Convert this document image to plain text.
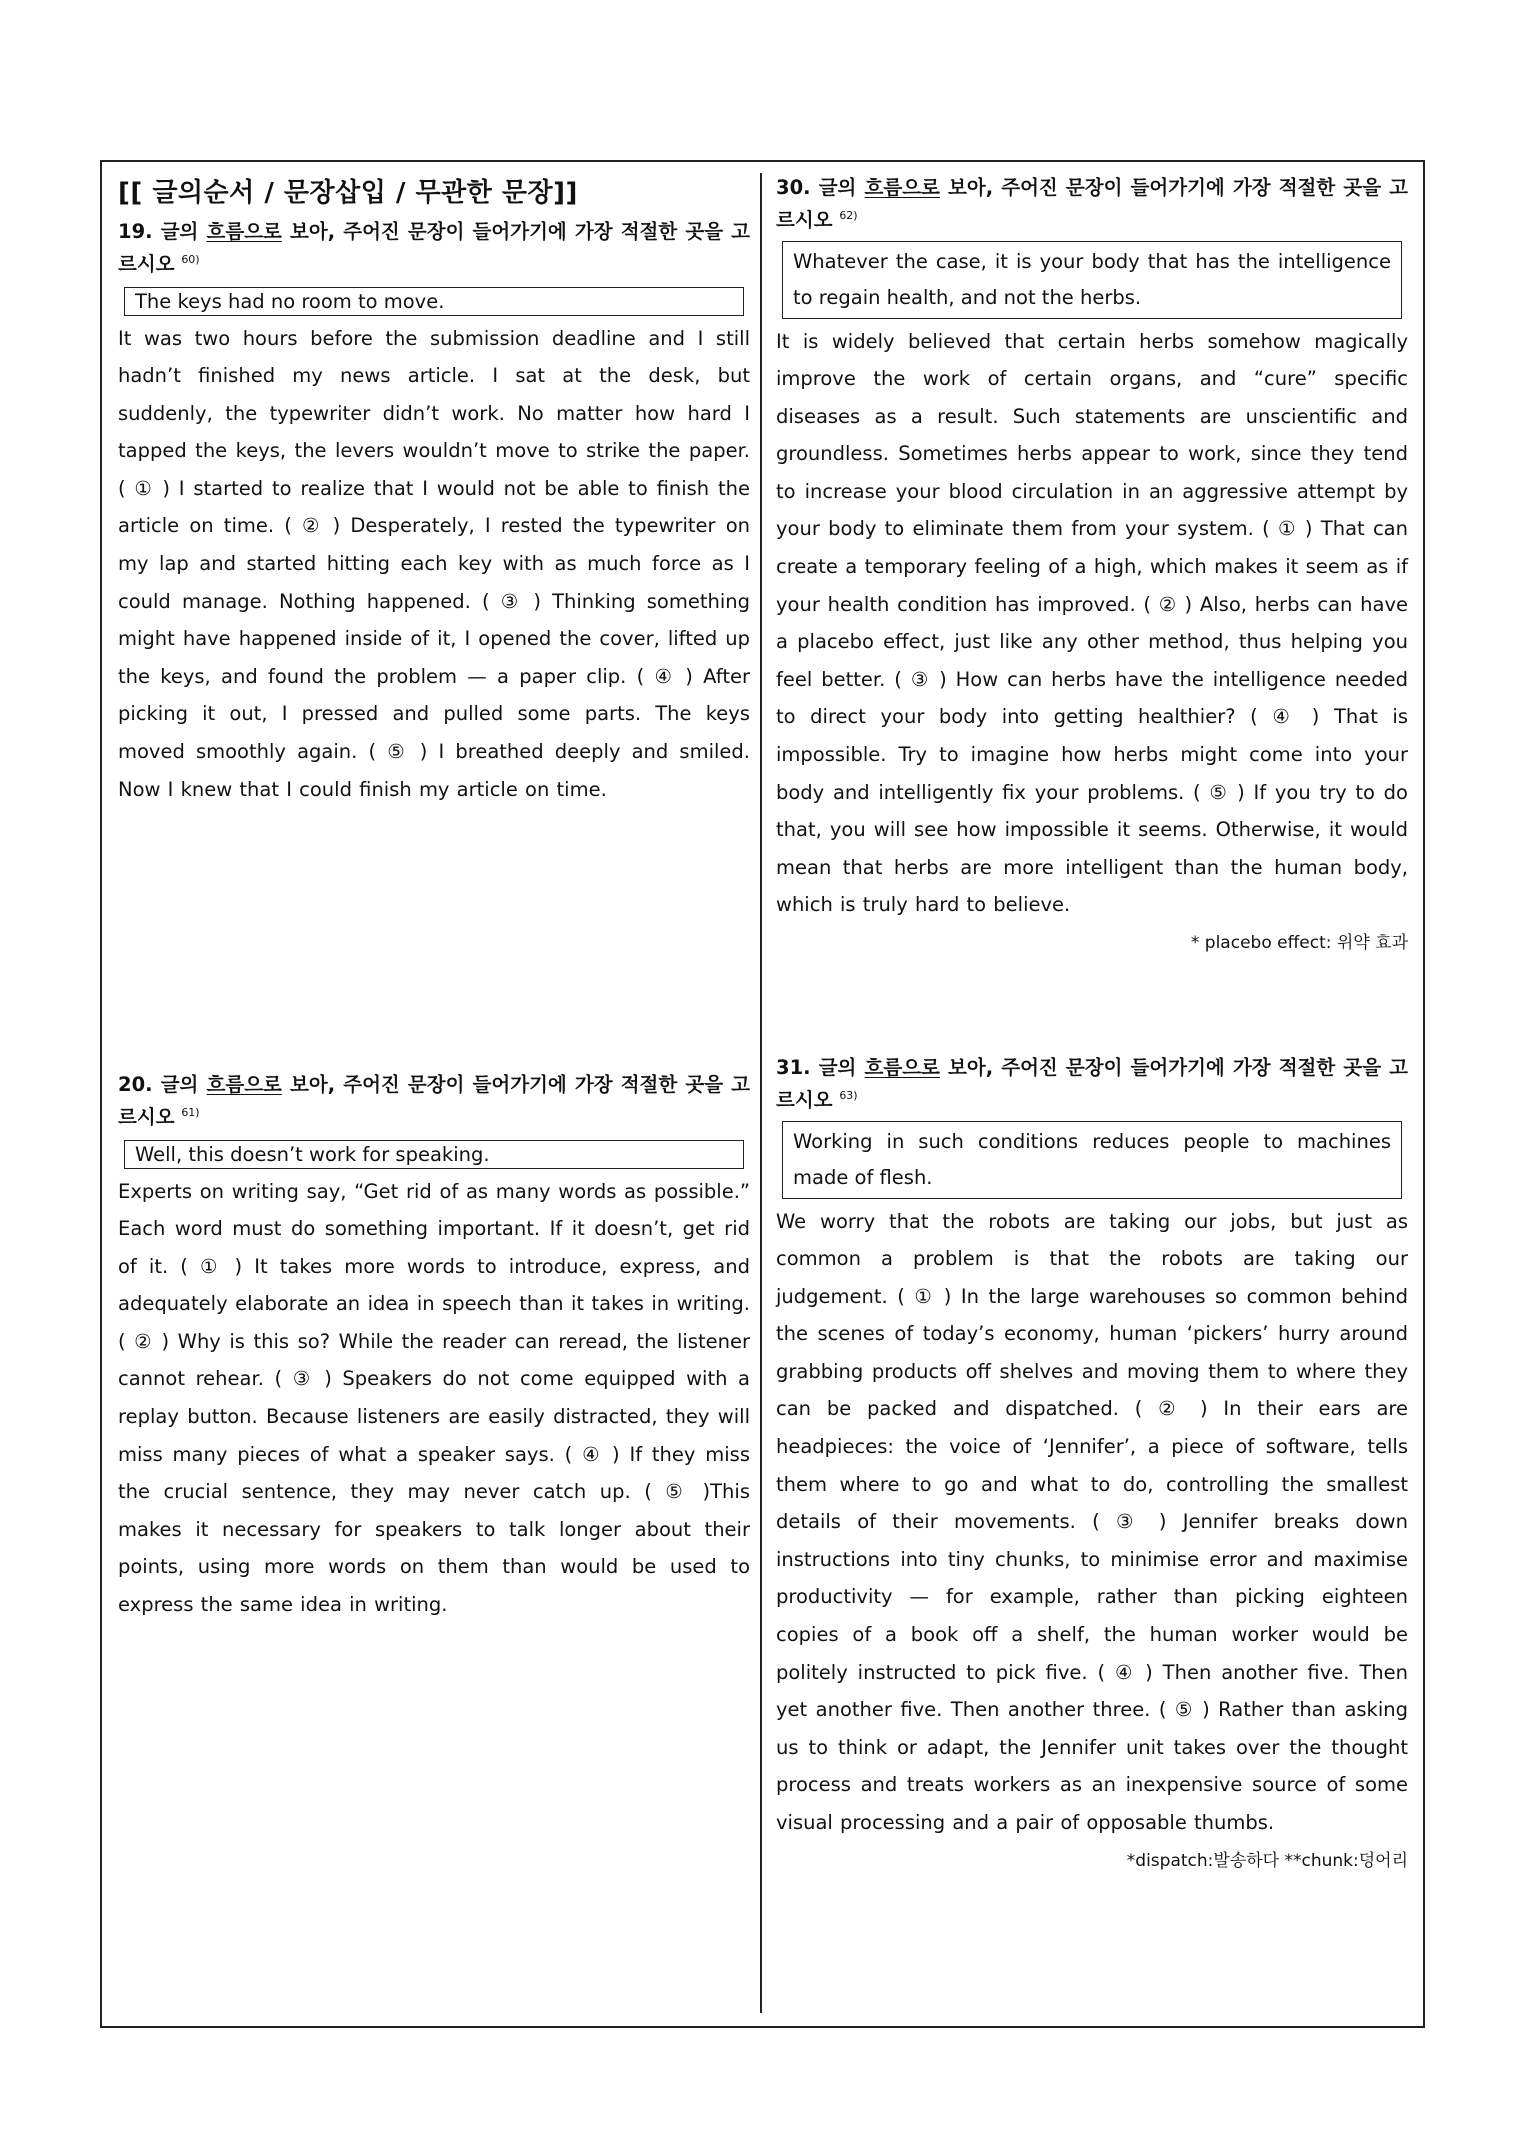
[[ 글의순서 / 문장삽입 / 무관한 문장]]

19. 글의 흐름으로 보아, 주어진 문장이 들어가기에 가장 적절한 곳을 고르시오 $^{60)}$

The keys had no room to move.

It was two hours before the submission deadline and I still hadn’t finished my news article. I sat at the desk, but suddenly, the typewriter didn’t work. No matter how hard I tapped the keys, the levers wouldn’t move to strike the paper. ( ① ) I started to realize that I would not be able to finish the article on time. ( ② ) Desperately, I rested the typewriter on my lap and started hitting each key with as much force as I could manage. Nothing happened. ( ③ ) Thinking something might have happened inside of it, I opened the cover, lifted up the keys, and found the problem — a paper clip. ( ④ ) After picking it out, I pressed and pulled some parts. The keys moved smoothly again. ( ⑤ ) I breathed deeply and smiled. Now I knew that I could finish my article on time.

20. 글의 흐름으로 보아, 주어진 문장이 들어가기에 가장 적절한 곳을 고르시오 $^{61)}$

Well, this doesn’t work for speaking.

Experts on writing say, “Get rid of as many words as possible.” Each word must do something important. If it doesn’t, get rid of it. ( ① ) It takes more words to introduce, express, and adequately elaborate an idea in speech than it takes in writing. ( ② ) Why is this so? While the reader can reread, the listener cannot rehear. ( ③ ) Speakers do not come equipped with a replay button. Because listeners are easily distracted, they will miss many pieces of what a speaker says. ( ④ ) If they miss the crucial sentence, they may never catch up. ( ⑤ )This makes it necessary for speakers to talk longer about their points, using more words on them than would be used to express the same idea in writing.

30. 글의 흐름으로 보아, 주어진 문장이 들어가기에 가장 적절한 곳을 고르시오 $^{62)}$

Whatever the case, it is your body that has the intelligence to regain health, and not the herbs.

It is widely believed that certain herbs somehow magically improve the work of certain organs, and “cure” specific diseases as a result. Such statements are unscientific and groundless. Sometimes herbs appear to work, since they tend to increase your blood circulation in an aggressive attempt by your body to eliminate them from your system. ( ① ) That can create a temporary feeling of a high, which makes it seem as if your health condition has improved. ( ② ) Also, herbs can have a placebo effect, just like any other method, thus helping you feel better. ( ③ ) How can herbs have the intelligence needed to direct your body into getting healthier? ( ④ ) That is impossible. Try to imagine how herbs might come into your body and intelligently fix your problems. ( ⑤ ) If you try to do that, you will see how impossible it seems. Otherwise, it would mean that herbs are more intelligent than the human body, which is truly hard to believe.

* placebo effect: 위약 효과

31. 글의 흐름으로 보아, 주어진 문장이 들어가기에 가장 적절한 곳을 고르시오 $^{63)}$

Working in such conditions reduces people to machines made of flesh.

We worry that the robots are taking our jobs, but just as common a problem is that the robots are taking our judgement. ( ① ) In the large warehouses so common behind the scenes of today’s economy, human ‘pickers’ hurry around grabbing products off shelves and moving them to where they can be packed and dispatched. ( ② ) In their ears are headpieces: the voice of ‘Jennifer’, a piece of software, tells them where to go and what to do, controlling the smallest details of their movements. ( ③ ) Jennifer breaks down instructions into tiny chunks, to minimise error and maximise productivity — for example, rather than picking eighteen copies of a book off a shelf, the human worker would be politely instructed to pick five. ( ④ ) Then another five. Then yet another five. Then another three. ( ⑤ ) Rather than asking us to think or adapt, the Jennifer unit takes over the thought process and treats workers as an inexpensive source of some visual processing and a pair of opposable thumbs.

*dispatch:발송하다 **chunk:덩어리
